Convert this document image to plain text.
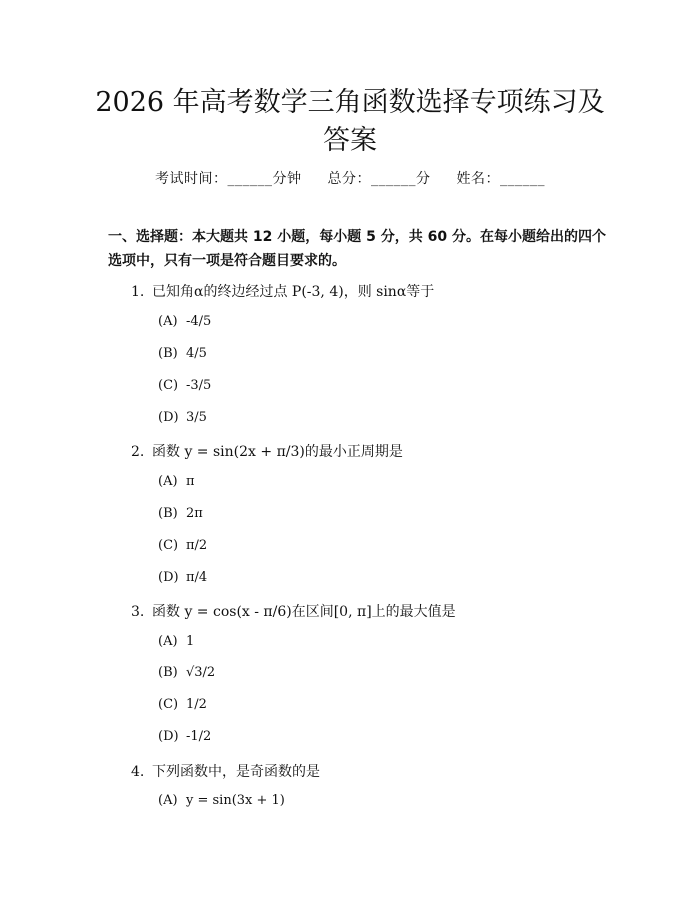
2026 年高考数学三角函数选择专项练习及答案
考试时间：______分钟 总分：______分 姓名：______
一、选择题：本大题共 12 小题，每小题 5 分，共 60 分。在每小题给出的四个选项中，只有一项是符合题目要求的。
1. 已知角α的终边经过点 P(-3, 4)，则 sinα等于
(A) -4/5
(B) 4/5
(C) -3/5
(D) 3/5
2. 函数 y = sin(2x + π/3)的最小正周期是
(A) π
(B) 2π
(C) π/2
(D) π/4
3. 函数 y = cos(x - π/6)在区间[0, π]上的最大值是
(A) 1
(B) √3/2
(C) 1/2
(D) -1/2
4. 下列函数中，是奇函数的是
(A) y = sin(3x + 1)
